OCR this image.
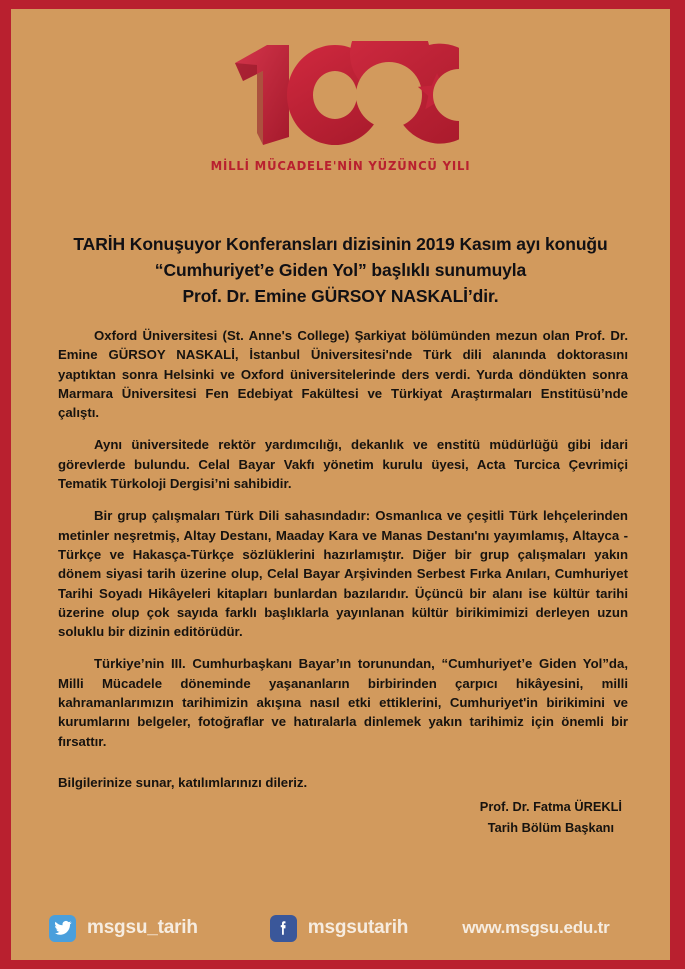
MİLLİ MÜCADELE'NİN YÜZÜNCÜ YILI
TARİH Konuşuyor Konferansları dizisinin 2019 Kasım ayı konuğu
“Cumhuriyet’e Giden Yol” başlıklı sunumuyla
Prof. Dr. Emine GÜRSOY NASKALİ’dir.

Oxford Üniversitesi (St. Anne's College) Şarkiyat bölümünden mezun olan Prof. Dr. Emine GÜRSOY NASKALİ, İstanbul Üniversitesi'nde Türk dili alanında doktorasını yaptıktan sonra Helsinki ve Oxford üniversitelerinde ders verdi. Yurda döndükten sonra Marmara Üniversitesi Fen Edebiyat Fakültesi ve Türkiyat Araştırmaları Enstitüsü’nde çalıştı.

Aynı üniversitede rektör yardımcılığı, dekanlık ve enstitü müdürlüğü gibi idari görevlerde bulundu. Celal Bayar Vakfı yönetim kurulu üyesi, Acta Turcica Çevrimiçi Tematik Türkoloji Dergisi’ni sahibidir.

Bir grup çalışmaları Türk Dili sahasındadır: Osmanlıca ve çeşitli Türk lehçelerinden metinler neşretmiş, Altay Destanı, Maaday Kara ve Manas Destanı'nı yayımlamış, Altayca - Türkçe ve Hakasça-Türkçe sözlüklerini hazırlamıştır. Diğer bir grup çalışmaları yakın dönem siyasi tarih üzerine olup, Celal Bayar Arşivinden Serbest Fırka Anıları, Cumhuriyet Tarihi Soyadı Hikâyeleri kitapları bunlardan bazılarıdır. Üçüncü bir alanı ise kültür tarihi üzerine olup çok sayıda farklı başlıklarla yayınlanan kültür birikimimizi derleyen uzun soluklu bir dizinin editörüdür.

Türkiye’nin III. Cumhurbaşkanı Bayar’ın torunundan, “Cumhuriyet’e Giden Yol”da, Milli Mücadele döneminde yaşananların birbirinden çarpıcı hikâyesini, milli kahramanlarımızın tarihimizin akışına nasıl etki ettiklerini, Cumhuriyet'in birikimini ve kurumlarını belgeler, fotoğraflar ve hatıralarla dinlemek yakın tarihimiz için önemli bir fırsattır.

Bilgilerinize sunar, katılımlarınızı dileriz.

Prof. Dr. Fatma ÜREKLİ
Tarih Bölüm Başkanı
msgsu_tarih	msgsutarih	www.msgsu.edu.tr
